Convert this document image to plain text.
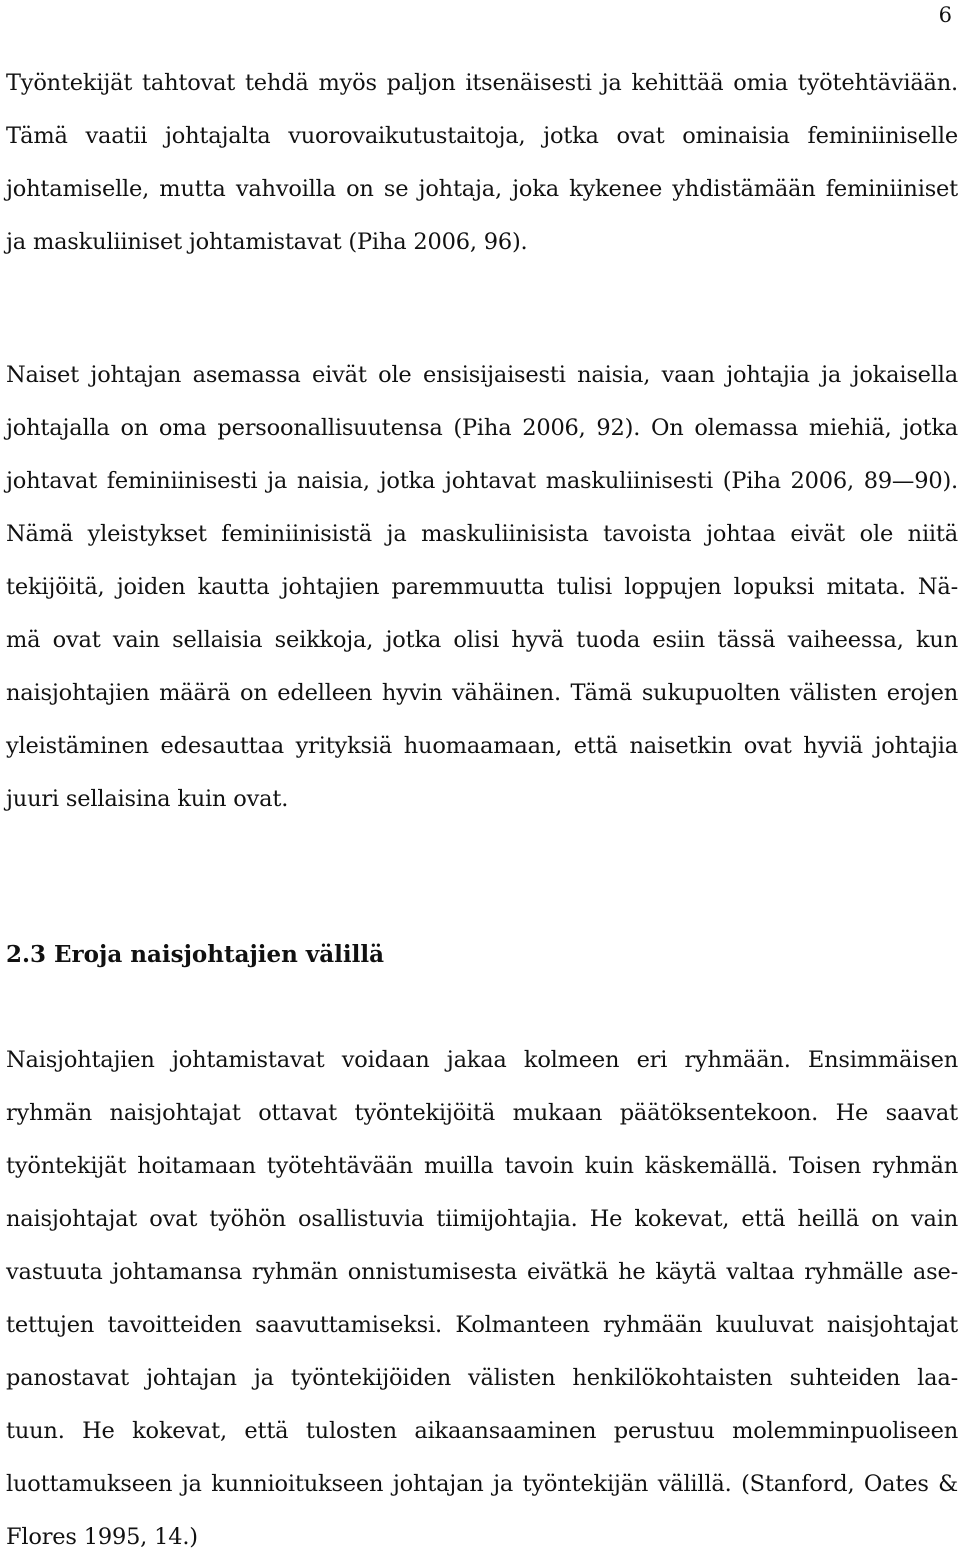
6
Työntekijät tahtovat tehdä myös paljon itsenäisesti ja kehittää omia työtehtäviään.
Tämä vaatii johtajalta vuorovaikutustaitoja, jotka ovat ominaisia feminiiniselle
johtamiselle, mutta vahvoilla on se johtaja, joka kykenee yhdistämään feminiiniset
ja maskuliiniset johtamistavat (Piha 2006, 96).
Naiset johtajan asemassa eivät ole ensisijaisesti naisia, vaan johtajia ja jokaisella
johtajalla on oma persoonallisuutensa (Piha 2006, 92). On olemassa miehiä, jotka
johtavat feminiinisesti ja naisia, jotka johtavat maskuliinisesti (Piha 2006, 89—90).
Nämä yleistykset feminiinisistä ja maskuliinisista tavoista johtaa eivät ole niitä
tekijöitä, joiden kautta johtajien paremmuutta tulisi loppujen lopuksi mitata. Nä-
mä ovat vain sellaisia seikkoja, jotka olisi hyvä tuoda esiin tässä vaiheessa, kun
naisjohtajien määrä on edelleen hyvin vähäinen. Tämä sukupuolten välisten erojen
yleistäminen edesauttaa yrityksiä huomaamaan, että naisetkin ovat hyviä johtajia
juuri sellaisina kuin ovat.
2.3 Eroja naisjohtajien välillä
Naisjohtajien johtamistavat voidaan jakaa kolmeen eri ryhmään. Ensimmäisen
ryhmän naisjohtajat ottavat työntekijöitä mukaan päätöksentekoon. He saavat
työntekijät hoitamaan työtehtävään muilla tavoin kuin käskemällä. Toisen ryhmän
naisjohtajat ovat työhön osallistuvia tiimijohtajia. He kokevat, että heillä on vain
vastuuta johtamansa ryhmän onnistumisesta eivätkä he käytä valtaa ryhmälle ase-
tettujen tavoitteiden saavuttamiseksi. Kolmanteen ryhmään kuuluvat naisjohtajat
panostavat johtajan ja työntekijöiden välisten henkilökohtaisten suhteiden laa-
tuun. He kokevat, että tulosten aikaansaaminen perustuu molemminpuoliseen
luottamukseen ja kunnioitukseen johtajan ja työntekijän välillä. (Stanford, Oates &
Flores 1995, 14.)
